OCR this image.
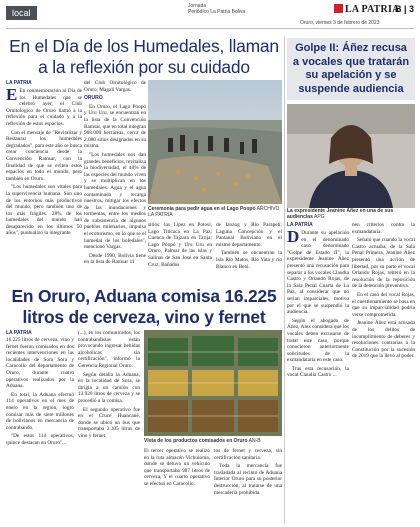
local
Jornada
Periódico La Patria Boliva	LA PATRIA
B | 3
Oruro, viernes 3 de febrero de 2023
En el Día de los Humedales, llaman a la reflexión por su cuidado
LA PATRIA

E En conmemoración al Día de los Humedales que se celebró ayer, el Club Ornitológico de Oruro llamó a la reflexión para el cuidado y a la reflexión de estos espacios.

Con el mensaje de "Revitalizar y Restaurar los humedales degradados", para este año se busca crear conciencia desde la Convención Ramsar, con la finalidad de que se eviten estos espacios en todo el mundo, pero también en Oruro.

"Los humedales son vitales para la supervivencia humana. Son uno de los entornos más productivos del mundo, pero también uno de los más frágiles. 28% de los humedales del mundo han desaparecido en los últimos 50 años", puntualizó la integrante

del Club Ornitológico de Oruro, Magali Vargas.

ORURO

En Oruro, el Lago Poopó y Uru Uru, se encuentran en la lista de la Convención Ramsar, que en total integran 968.000 hectáreas, cerca de 2.080 sitios designados en su misma.

"Los humedales nos dan grandes beneficios, revitaliza la biodiversidad, el 40% de las especies del mundo viven y se multiplican en los humedales. Agua y el agua contaminada y recarga nuestros, mitigar los efectos de las inundaciones y tormentas, entre los medios de subsistencia de algunos pueblos milenarios, impulsa el ecoturismo, en lo que se el humedal de los bofedales", mencionó Vargas.

Desde 1990, Bolivia tiene en la lista de Ramsar 11

Ceremonia para pedir agua en el Lago Poopó ARCHIVO LA PATRIA

sitios: los Lípez en Potosí, Lago Titicaca en La Paz; Cuenca de Tajzara en Tarija; Lago Poopó y Uru Uru en Oruro, Palmar de las islas y Salinas de San José en Santa Cruz; Bañados

de Izozog y Río Parapetí; Laguna Concepción y el Pantanal Boliviano en el mismo departamento.

También se encuentran la Isla Río Matos, Río Yata y río Blanco en Beni.

Golpe II: Áñez recusa a vocales que tratarán su apelación y se suspende audiencia
La expresidente Jeanine Áñez en una de sus audiencias APG
LA PATRIA

D Durante su apelación en el denominado caso denominado "Golpe de Estado II", la expresidente Jeanine Áñez presentó una recusación para separar a los vocales Claudia Castro y Orlando Rojas, de la Sala Penal Cuarta de La Paz, al considerar que no serían imparciales, motivo por el que se suspendió la audiencia.

Según el abogado de Áñez, Alex considera que los vocales deben excusarse de tratar este caso, porque conocieron anteriormente solicitudes de la exmandataria en este caso.

Tras esta recusación, la vocal Claudia Castro ...

nen criterios contra la exmandataria.

Señaló que cuando la vocal Castro actuaba, de la Sala Penal Primera, Jeanine Áñez presentó una acción de libertad, por su parte el vocal Orlando Rojas, reiteró en la resolución de la reposición de la detención preventiva.

En el caso del vocal Rojas, el cuestionamiento se basa en que su imparcialidad podría verse comprometida.

Jeanine Áñez está acusada de los delitos de incumplimiento de deberes y resoluciones contrarias a la Constitución por la sucesión de 2019 que la llevó al poder.

En Oruro, Aduana comisa 16.225 litros de cerveza, vino y fernet
LA PATRIA

16.225 litros de cerveza, vino y fernet fueron comisados en dos recientes intervenciones en las localidades de Sora Sora y Caracollo del departamento de Oruro, durante cuatro operativos realizados por la Aduana.

En total, la Aduana efectuó 114 operativos en el mes de enero en la región, logró comisar más de siete millones de bolivianos en mercancía de contrabando.

"De estos 114 operativos, quince destacan en Oruro"...

(...), en los comunicados, los contrabandistas están provocando ingresar bebidas alcohólicas sin certificación", informó la Gerencia Regional Oruro.

Según detalla la Aduana, en la localidad de Sora, se dirigía a un camión con 13.920 litros de cerveza y se procedió a la comisa.

El segundo operativo fue en el Cruce Huancané, donde se ubicó un bus que transportaba 2.305 litros de vino y fernet.

Vista de los productos comisados en Oruro AN-B

El tercer operativo se realizó en la ruta almacén Vichuloma, donde se detuvo un vehículo que transportaba 987 litros de cerveza, Y el cuarto operativo se efectuó en Caracollo.

tos de fernet y cerveza, sin certificación sanitaria.

Toda la mercancía fue trasladada al recinto de Aduana Interior Oruro para su posterior destrucción, al tratarse de una mercadería prohibida.
